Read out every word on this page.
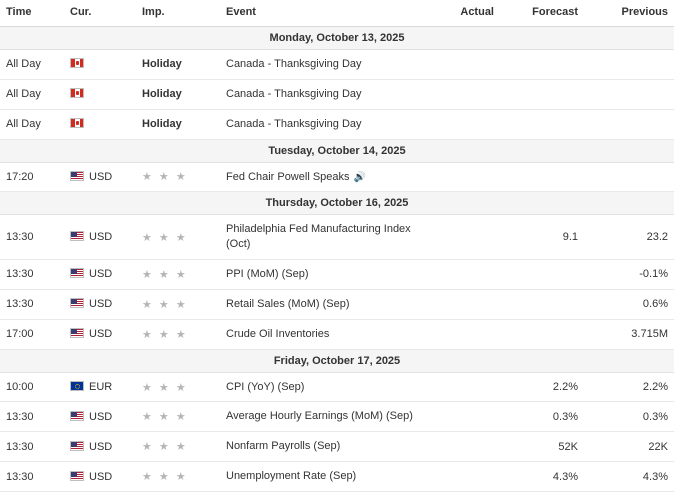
Time	Cur.	Imp.	Event	Actual	Forecast	Previous
Monday, October 13, 2025						
All Day		Holiday	Canada - Thanksgiving Day			
All Day		Holiday	Canada - Thanksgiving Day			
All Day		Holiday	Canada - Thanksgiving Day			
Tuesday, October 14, 2025						
17:20	USD	★ ★ ★	Fed Chair Powell Speaks 🔊			
Thursday, October 16, 2025						
13:30	USD	★ ★ ★	Philadelphia Fed Manufacturing Index (Oct)		9.1	23.2
13:30	USD	★ ★ ★	PPI (MoM) (Sep)			-0.1%
13:30	USD	★ ★ ★	Retail Sales (MoM) (Sep)			0.6%
17:00	USD	★ ★ ★	Crude Oil Inventories			3.715M
Friday, October 17, 2025						
10:00	EUR	★ ★ ★	CPI (YoY) (Sep)		2.2%	2.2%
13:30	USD	★ ★ ★	Average Hourly Earnings (MoM) (Sep)		0.3%	0.3%
13:30	USD	★ ★ ★	Nonfarm Payrolls (Sep)		52K	22K
13:30	USD	★ ★ ★	Unemployment Rate (Sep)		4.3%	4.3%
